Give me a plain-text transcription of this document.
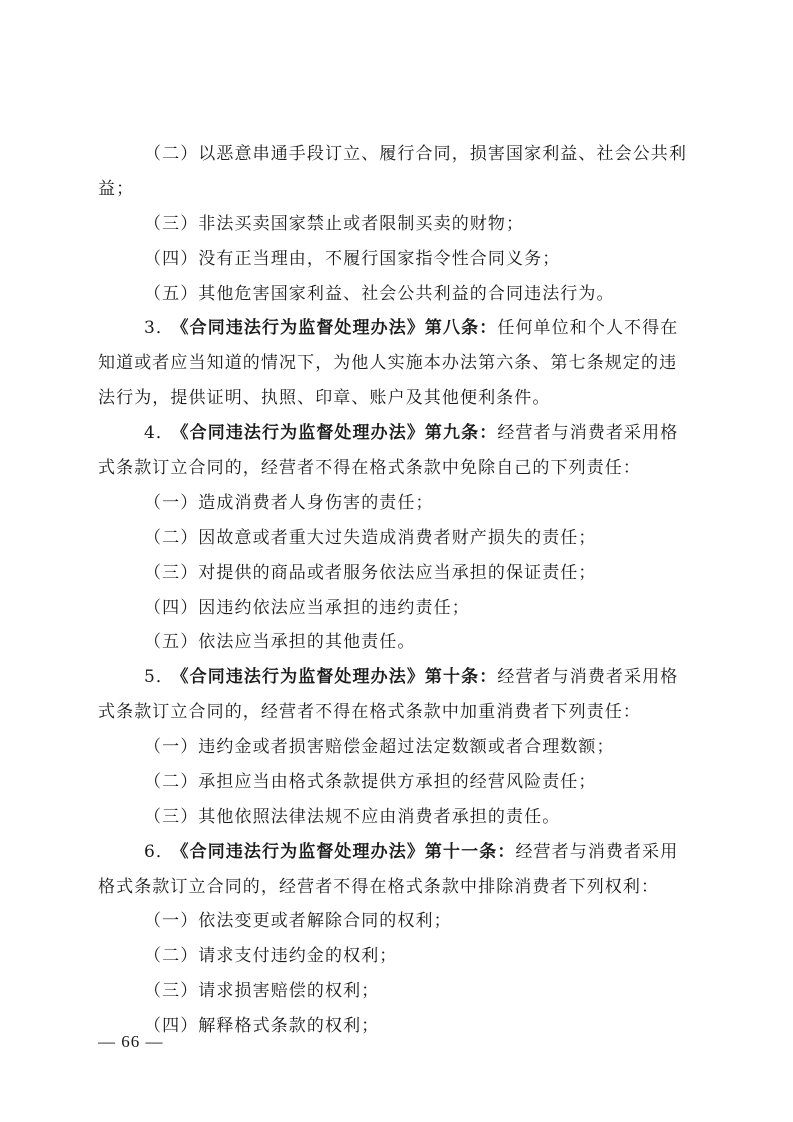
（二）以恶意串通手段订立、履行合同，损害国家利益、社会公共利
益；
（三）非法买卖国家禁止或者限制买卖的财物；
（四）没有正当理由，不履行国家指令性合同义务；
（五）其他危害国家利益、社会公共利益的合同违法行为。
3． 《合同违法行为监督处理办法》第八条：任何单位和个人不得在
知道或者应当知道的情况下，为他人实施本办法第六条、第七条规定的违
法行为，提供证明、执照、印章、账户及其他便利条件。
4． 《合同违法行为监督处理办法》第九条：经营者与消费者采用格
式条款订立合同的，经营者不得在格式条款中免除自己的下列责任：
（一）造成消费者人身伤害的责任；
（二）因故意或者重大过失造成消费者财产损失的责任；
（三）对提供的商品或者服务依法应当承担的保证责任；
（四）因违约依法应当承担的违约责任；
（五）依法应当承担的其他责任。
5． 《合同违法行为监督处理办法》第十条：经营者与消费者采用格
式条款订立合同的，经营者不得在格式条款中加重消费者下列责任：
（一）违约金或者损害赔偿金超过法定数额或者合理数额；
（二）承担应当由格式条款提供方承担的经营风险责任；
（三）其他依照法律法规不应由消费者承担的责任。
6． 《合同违法行为监督处理办法》第十一条：经营者与消费者采用
格式条款订立合同的，经营者不得在格式条款中排除消费者下列权利：
（一）依法变更或者解除合同的权利；
（二）请求支付违约金的权利；
（三）请求损害赔偿的权利；
（四）解释格式条款的权利；
— 66 —
